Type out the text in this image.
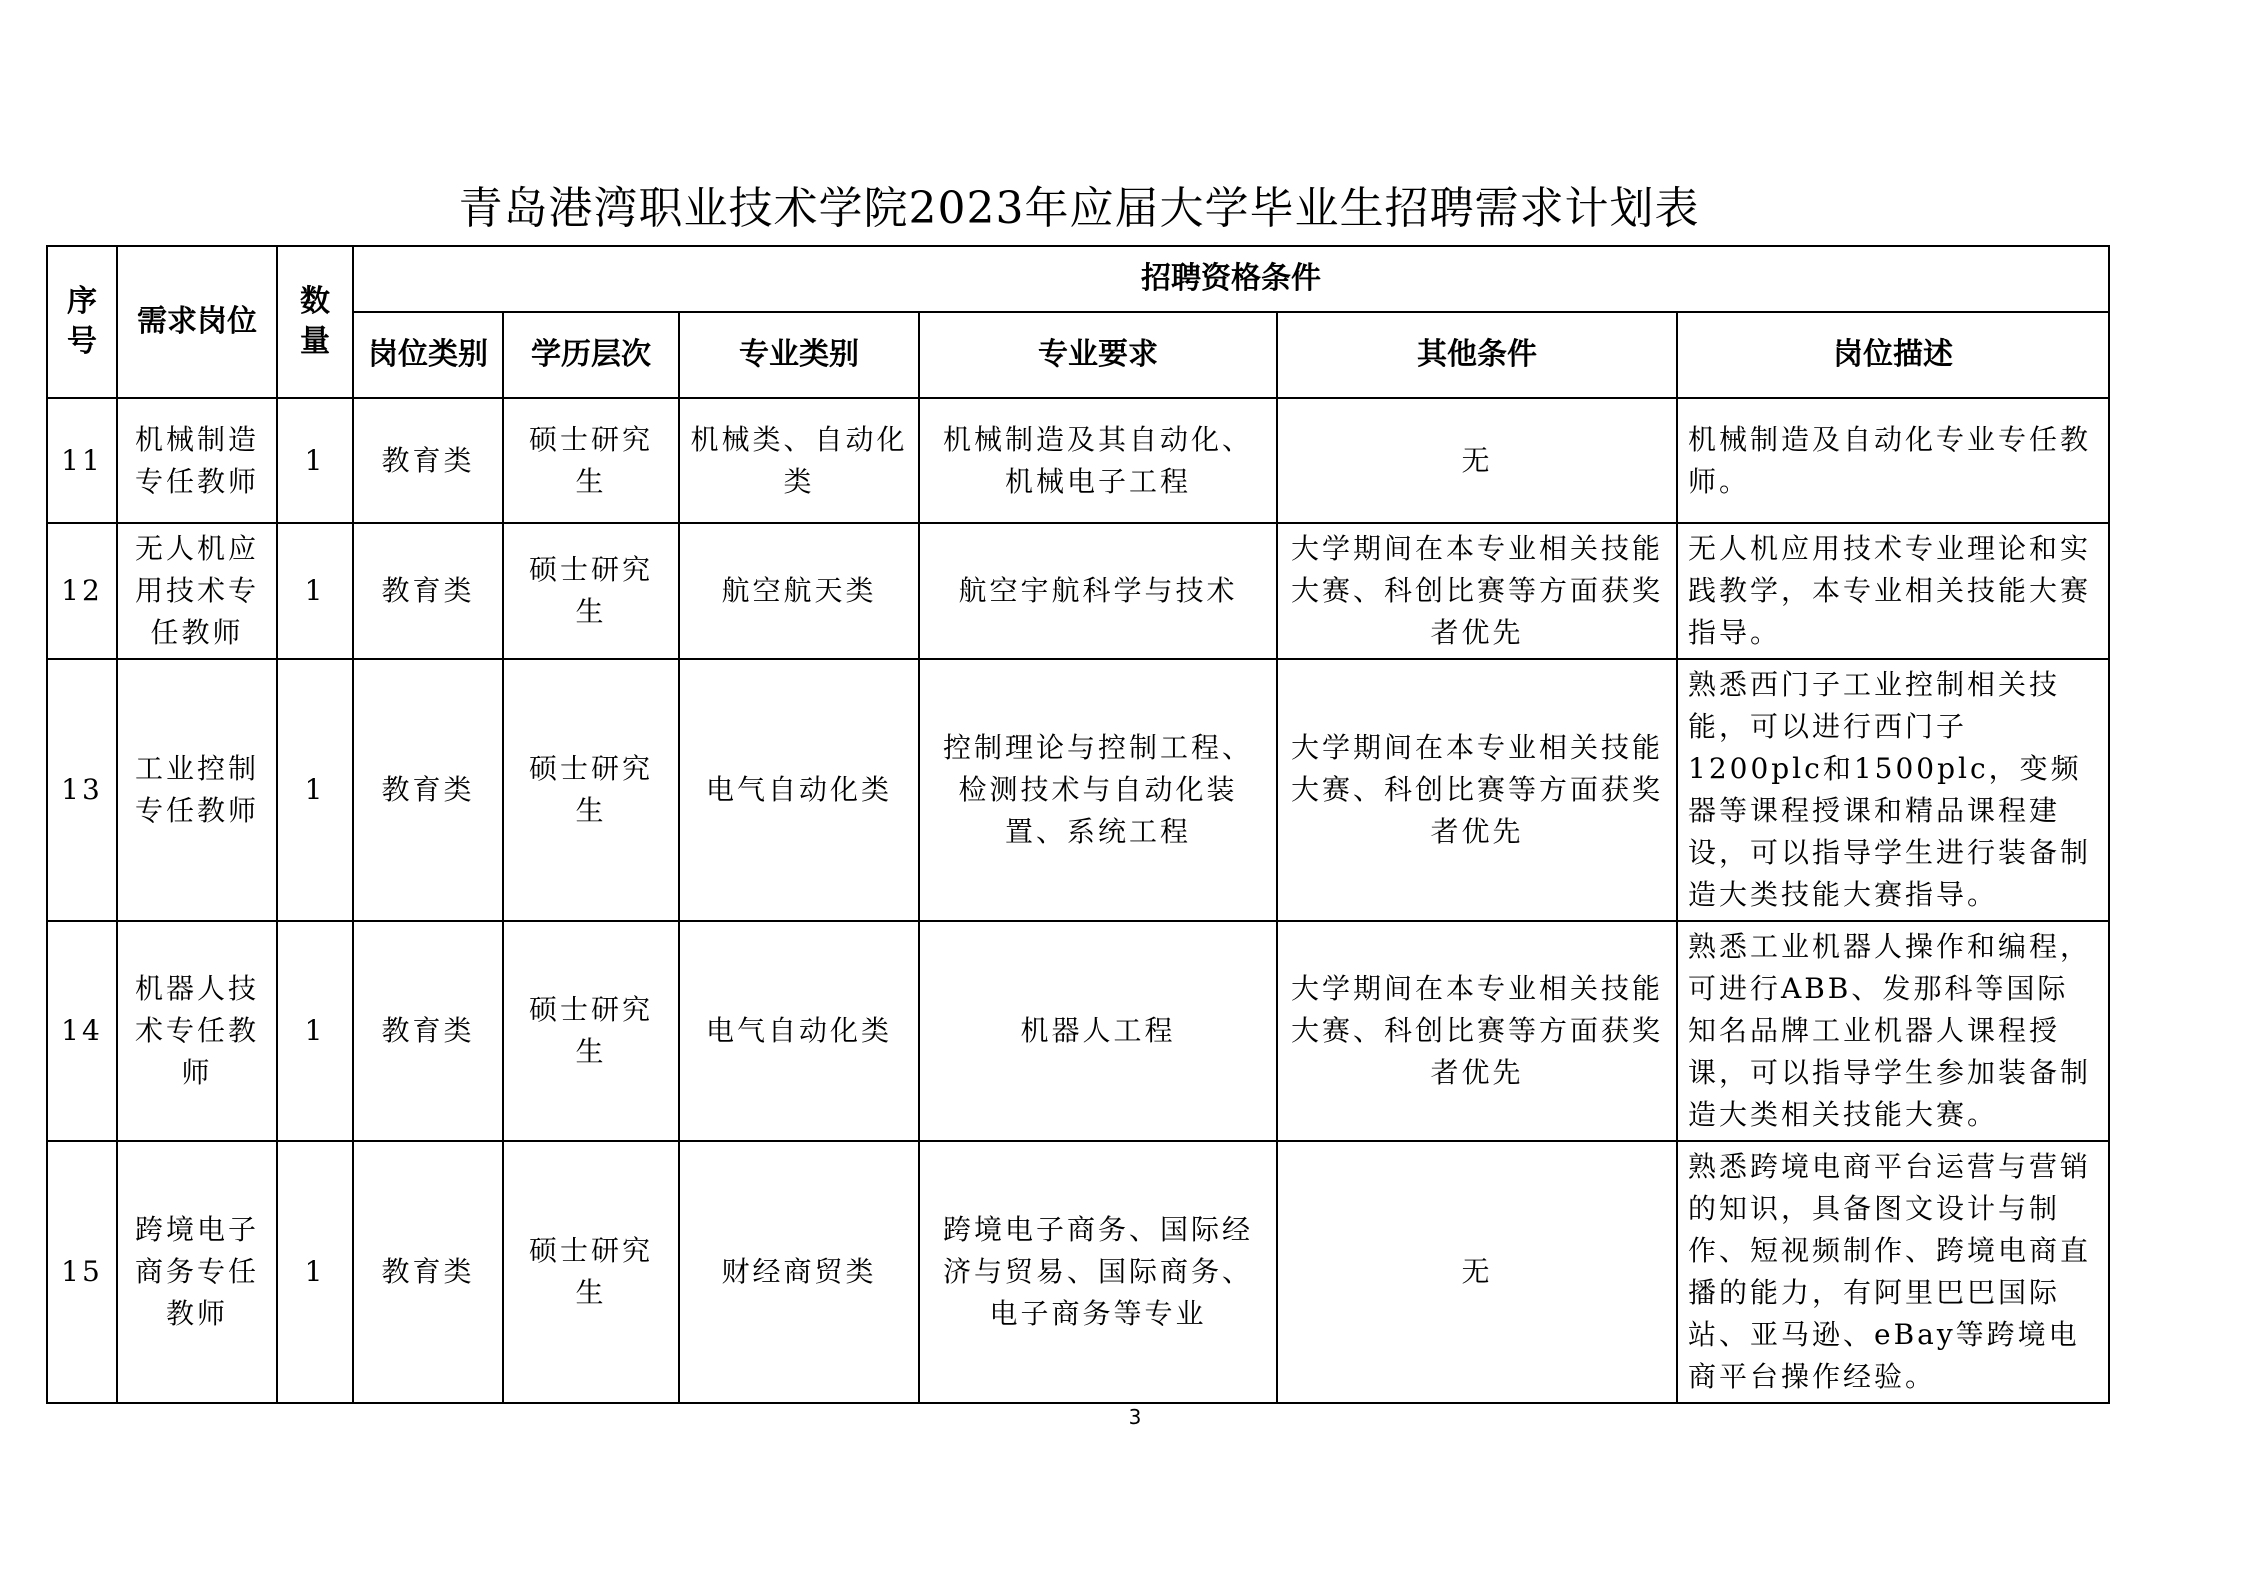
青岛港湾职业技术学院2023年应届大学毕业生招聘需求计划表
序号	需求岗位	数量	招聘资格条件					
			岗位类别	学历层次	专业类别	专业要求	其他条件	岗位描述
11	机械制造专任教师	1	教育类	硕士研究生	机械类、自动化类	机械制造及其自动化、机械电子工程	无	机械制造及自动化专业专任教师。
12	无人机应用技术专任教师	1	教育类	硕士研究生	航空航天类	航空宇航科学与技术	大学期间在本专业相关技能大赛、科创比赛等方面获奖者优先	无人机应用技术专业理论和实践教学，本专业相关技能大赛指导。
13	工业控制专任教师	1	教育类	硕士研究生	电气自动化类	控制理论与控制工程、检测技术与自动化装置、系统工程	大学期间在本专业相关技能大赛、科创比赛等方面获奖者优先	熟悉西门子工业控制相关技能，可以进行西门子1200plc和1500plc，变频器等课程授课和精品课程建设，可以指导学生进行装备制造大类技能大赛指导。
14	机器人技术专任教师	1	教育类	硕士研究生	电气自动化类	机器人工程	大学期间在本专业相关技能大赛、科创比赛等方面获奖者优先	熟悉工业机器人操作和编程，可进行ABB、发那科等国际知名品牌工业机器人课程授课，可以指导学生参加装备制造大类相关技能大赛。
15	跨境电子商务专任教师	1	教育类	硕士研究生	财经商贸类	跨境电子商务、国际经济与贸易、国际商务、电子商务等专业	无	熟悉跨境电商平台运营与营销的知识，具备图文设计与制作、短视频制作、跨境电商直播的能力，有阿里巴巴国际站、亚马逊、eBay等跨境电商平台操作经验。
3
